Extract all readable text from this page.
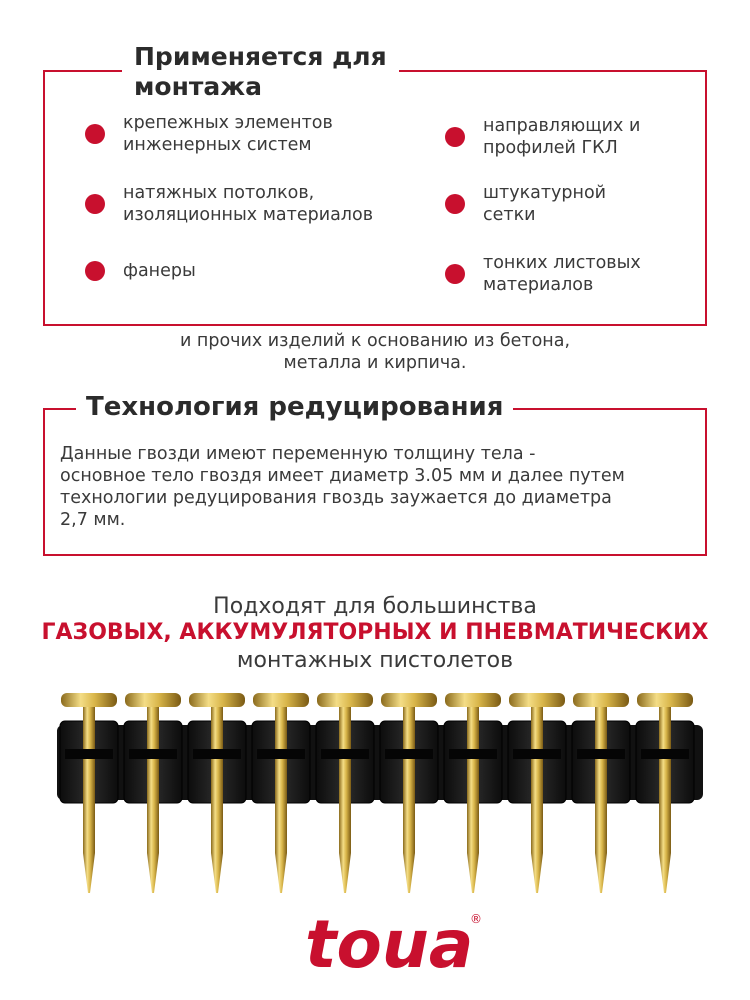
Применяется для
монтажа
крепежных элементов
инженерных систем
натяжных потолков,
изоляционных материалов
фанеры
направляющих и
профилей ГКЛ
штукатурной
сетки
тонких листовых
материалов
и прочих изделий к основанию из бетона,
металла и кирпича.
Технология редуцирования
Данные гвозди имеют переменную толщину тела -
основное тело гвоздя имеет диаметр 3.05 мм и далее путем
технологии редуцирования гвоздь заужается до диаметра
2,7 мм.
Подходят для большинства
ГАЗОВЫХ, АККУМУЛЯТОРНЫХ И ПНЕВМАТИЧЕСКИХ
монтажных пистолетов
toua
®
